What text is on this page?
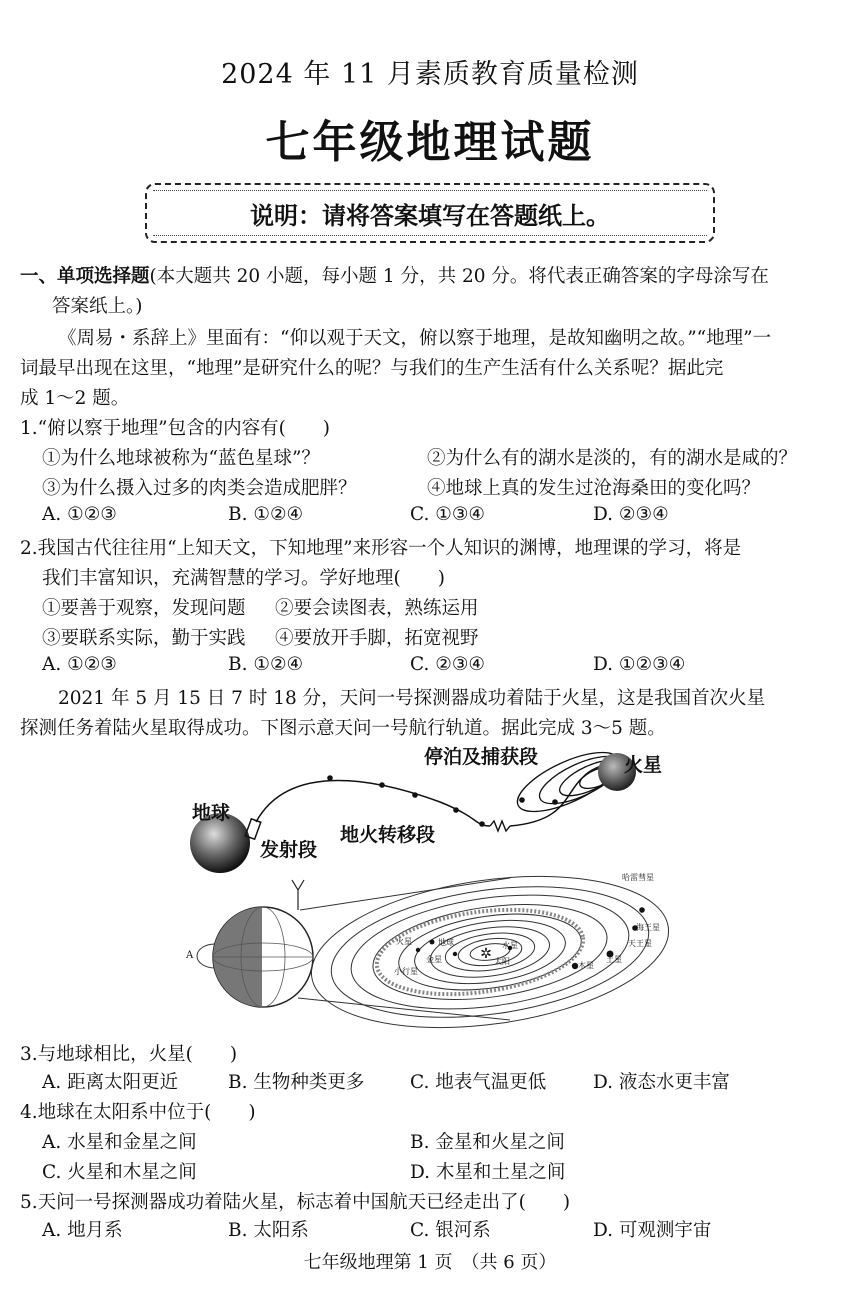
2024 年 11 月素质教育质量检测
七年级地理试题
说明：请将答案填写在答题纸上。
一、单项选择题(本大题共 20 小题，每小题 1 分，共 20 分。将代表正确答案的字母涂写在
答案纸上。)
《周易・系辞上》里面有：“仰以观于天文，俯以察于地理，是故知幽明之故。”“地理”一
词最早出现在这里，“地理”是研究什么的呢？与我们的生产生活有什么关系呢？据此完
成 1～2 题。
1.“俯以察于地理”包含的内容有(　　)
①为什么地球被称为“蓝色星球”？	②为什么有的湖水是淡的，有的湖水是咸的？
③为什么摄入过多的肉类会造成肥胖？	④地球上真的发生过沧海桑田的变化吗？
A. ①②③	B. ①②④	C. ①③④	D. ②③④
2.我国古代往往用“上知天文，下知地理”来形容一个人知识的渊博，地理课的学习，将是
我们丰富知识，充满智慧的学习。学好地理(　　)
①要善于观察，发现问题 ②要会读图表，熟练运用
③要联系实际，勤于实践 ④要放开手脚，拓宽视野
A. ①②③	B. ①②④	C. ②③④	D. ①②③④
2021 年 5 月 15 日 7 时 18 分，天问一号探测器成功着陆于火星，这是我国首次火星
探测任务着陆火星取得成功。下图示意天问一号航行轨道。据此完成 3～5 题。
地球
火星
发射段
地火转移段
停泊及捕获段
✲
A
哈雷彗星
海王星
天王星
土星
木星
火星	地球
金星
水星
太阳
小行星
3.与地球相比，火星(　　)
A. 距离太阳更近	B. 生物种类更多 C. 地表气温更低	D. 液态水更丰富
4.地球在太阳系中位于(　　)
A. 水星和金星之间	B. 金星和火星之间
C. 火星和木星之间	D. 木星和土星之间
5.天问一号探测器成功着陆火星，标志着中国航天已经走出了(　　)
A. 地月系	B. 太阳系	C. 银河系	D. 可观测宇宙
七年级地理第 1 页　（共 6 页）
